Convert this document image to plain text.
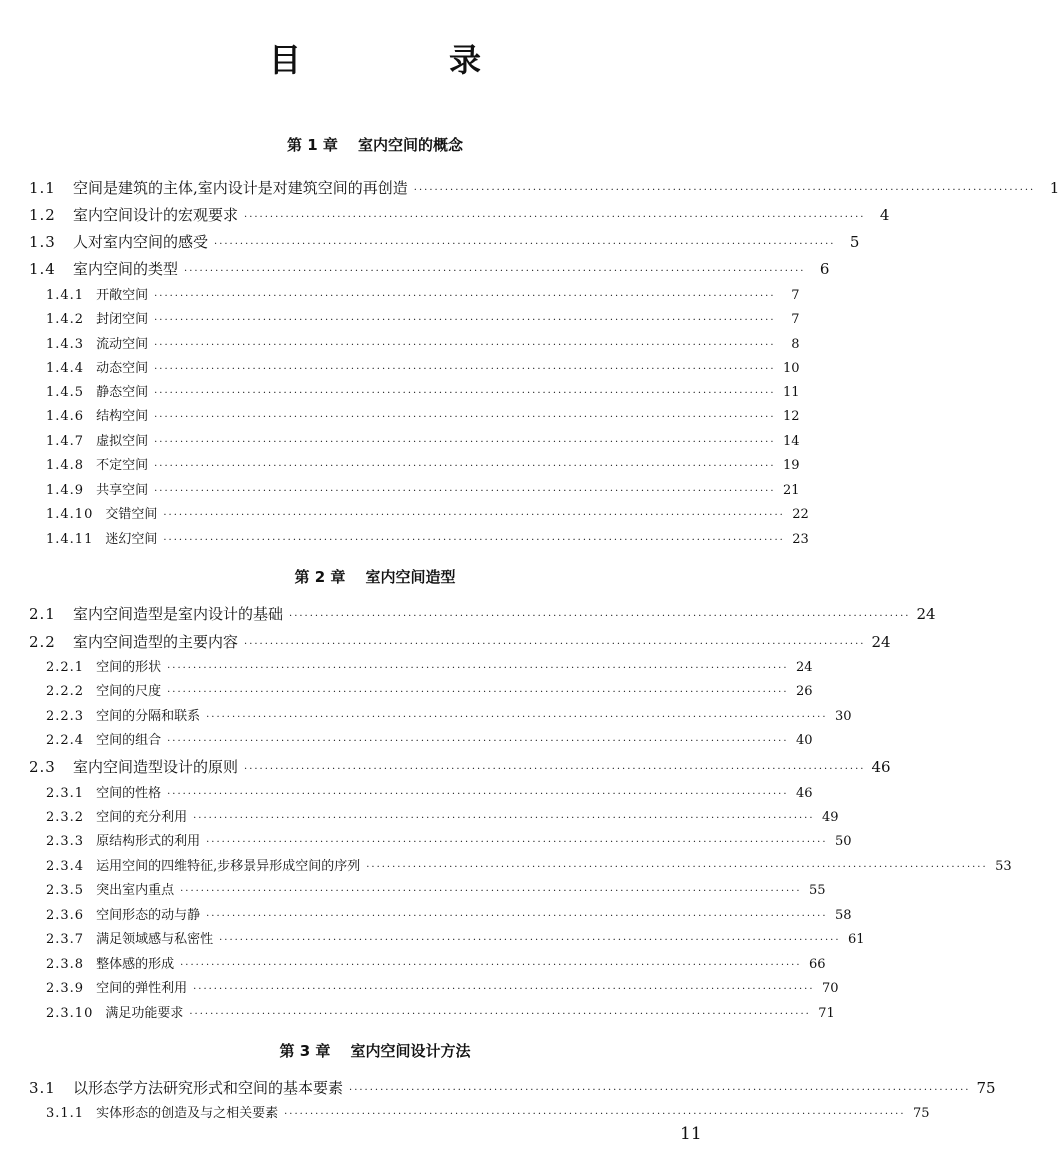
目　录
第 1 章 室内空间的概念
1.1	空间是建筑的主体,室内设计是对建筑空间的再创造 ························································································································ 1
1.2	室内空间设计的宏观要求 ························································································································ 4
1.3	人对室内空间的感受 ························································································································ 5
1.4	室内空间的类型 ························································································································ 6
1.4.1 开敞空间 ························································································································	7
1.4.2 封闭空间 ························································································································	7
1.4.3 流动空间 ························································································································	8
1.4.4 动态空间 ························································································································ 10
1.4.5 静态空间 ························································································································ 11
1.4.6 结构空间 ························································································································ 12
1.4.7 虚拟空间 ························································································································ 14
1.4.8 不定空间 ························································································································ 19
1.4.9 共享空间 ························································································································ 21
1.4.10 交错空间 ························································································································ 22
1.4.11 迷幻空间 ························································································································ 23
第 2 章 室内空间造型
2.1	室内空间造型是室内设计的基础 ························································································································ 24
2.2	室内空间造型的主要内容 ························································································································ 24
2.2.1 空间的形状 ························································································································ 24
2.2.2 空间的尺度 ························································································································ 26
2.2.3 空间的分隔和联系 ························································································································ 30
2.2.4 空间的组合 ························································································································ 40
2.3	室内空间造型设计的原则 ························································································································ 46
2.3.1 空间的性格 ························································································································ 46
2.3.2 空间的充分利用 ························································································································ 49
2.3.3 原结构形式的利用 ························································································································ 50
2.3.4 运用空间的四维特征,步移景异形成空间的序列 ························································································································ 53
2.3.5 突出室内重点 ························································································································ 55
2.3.6 空间形态的动与静 ························································································································ 58
2.3.7 满足领域感与私密性 ························································································································ 61
2.3.8 整体感的形成 ························································································································ 66
2.3.9 空间的弹性利用 ························································································································ 70
2.3.10 满足功能要求 ························································································································ 71
第 3 章 室内空间设计方法
3.1	以形态学方法研究形式和空间的基本要素 ························································································································ 75
3.1.1 实体形态的创造及与之相关要素 ························································································································ 75
11
